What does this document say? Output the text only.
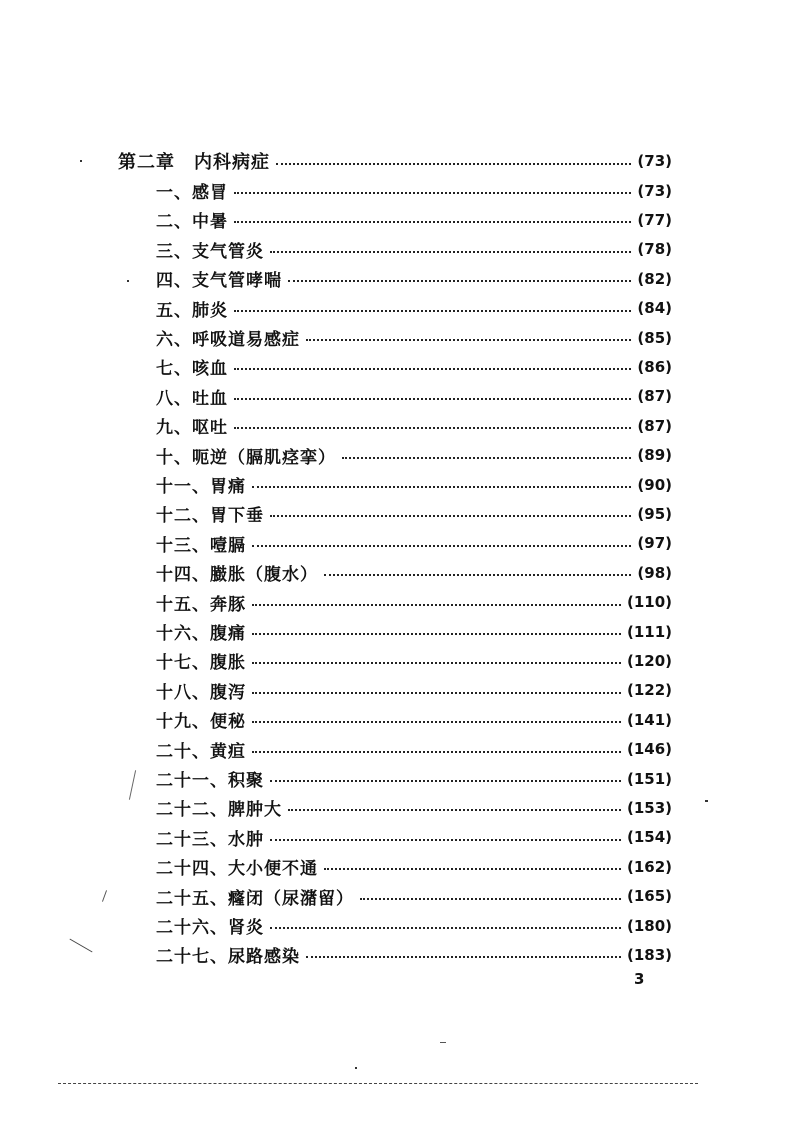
第二章　内科病症	(73)
一、感冒	(73)
二、中暑	(77)
三、支气管炎	(78)
四、支气管哮喘	(82)
五、肺炎	(84)
六、呼吸道易感症	(85)
七、咳血	(86)
八、吐血	(87)
九、呕吐	(87)
十、呃逆（膈肌痉挛）	(89)
十一、胃痛	(90)
十二、胃下垂	(95)
十三、噎膈	(97)
十四、臌胀（腹水）	(98)
十五、奔豚	(110)
十六、腹痛	(111)
十七、腹胀	(120)
十八、腹泻	(122)
十九、便秘	(141)
二十、黄疸	(146)
二十一、积聚	(151)
二十二、脾肿大	(153)
二十三、水肿	(154)
二十四、大小便不通	(162)
二十五、癃闭（尿潴留）	(165)
二十六、肾炎	(180)
二十七、尿路感染	(183)
3
